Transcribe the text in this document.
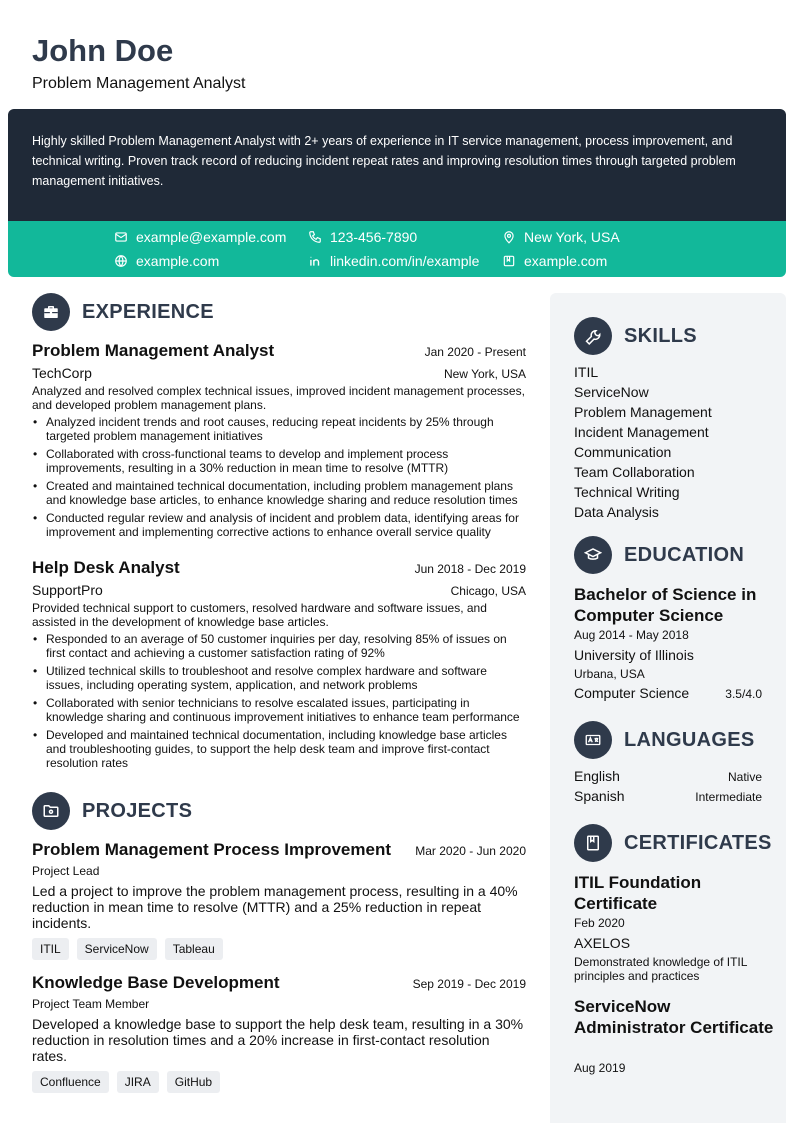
John Doe
Problem Management Analyst
Highly skilled Problem Management Analyst with 2+ years of experience in IT service management, process improvement, and technical writing. Proven track record of reducing incident repeat rates and improving resolution times through targeted problem management initiatives.
example@example.com	123-456-7890	New York, USA
example.com	linkedin.com/in/example	example.com
EXPERIENCE
Problem Management Analyst	Jan 2020 - Present
TechCorp	New York, USA
Analyzed and resolved complex technical issues, improved incident management processes, and developed problem management plans.
• Analyzed incident trends and root causes, reducing repeat incidents by 25% through targeted problem management initiatives
• Collaborated with cross-functional teams to develop and implement process improvements, resulting in a 30% reduction in mean time to resolve (MTTR)
• Created and maintained technical documentation, including problem management plans and knowledge base articles, to enhance knowledge sharing and reduce resolution times
• Conducted regular review and analysis of incident and problem data, identifying areas for improvement and implementing corrective actions to enhance overall service quality
Help Desk Analyst	Jun 2018 - Dec 2019
SupportPro	Chicago, USA
Provided technical support to customers, resolved hardware and software issues, and assisted in the development of knowledge base articles.
• Responded to an average of 50 customer inquiries per day, resolving 85% of issues on first contact and achieving a customer satisfaction rating of 92%
• Utilized technical skills to troubleshoot and resolve complex hardware and software issues, including operating system, application, and network problems
• Collaborated with senior technicians to resolve escalated issues, participating in knowledge sharing and continuous improvement initiatives to enhance team performance
• Developed and maintained technical documentation, including knowledge base articles and troubleshooting guides, to support the help desk team and improve first-contact resolution rates
PROJECTS
Problem Management Process Improvement Mar 2020 - Jun 2020
Project Lead
Led a project to improve the problem management process, resulting in a 40% reduction in mean time to resolve (MTTR) and a 25% reduction in repeat incidents.
ITIL	ServiceNow	Tableau
Knowledge Base Development	Sep 2019 - Dec 2019
Project Team Member
Developed a knowledge base to support the help desk team, resulting in a 30% reduction in resolution times and a 20% increase in first-contact resolution rates.
Confluence	JIRA	GitHub
SKILLS
ITIL
ServiceNow
Problem Management
Incident Management
Communication
Team Collaboration
Technical Writing
Data Analysis
EDUCATION
Bachelor of Science in Computer Science
Aug 2014 - May 2018
University of Illinois
Urbana, USA
Computer Science	3.5/4.0
LANGUAGES
English	Native
Spanish	Intermediate
CERTIFICATES
ITIL Foundation Certificate
Feb 2020
AXELOS
Demonstrated knowledge of ITIL principles and practices
ServiceNow Administrator Certificate
Aug 2019
